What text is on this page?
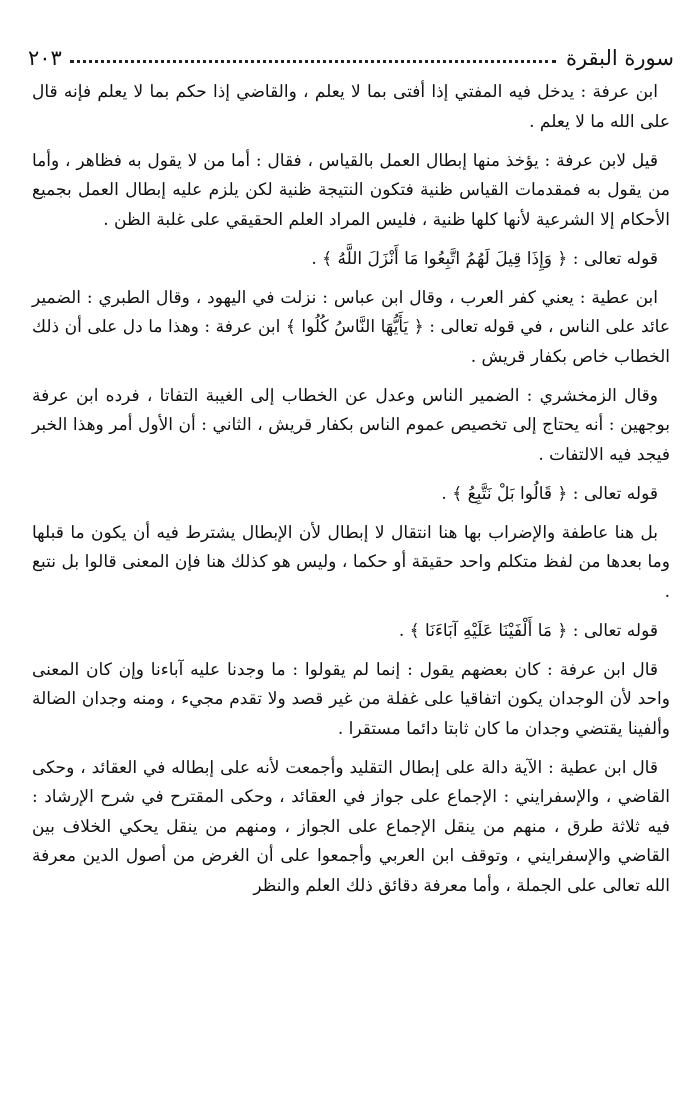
سورة البقرة
٢٠٣

ابن عرفة : يدخل فيه المفتي إذا أفتى بما لا يعلم ، والقاضي إذا حكم بما لا يعلم فإنه قال على الله ما لا يعلم .

قيل لابن عرفة : يؤخذ منها إبطال العمل بالقياس ، فقال : أما من لا يقول به فظاهر ، وأما من يقول به فمقدمات القياس ظنية فتكون النتيجة ظنية لكن يلزم عليه إبطال العمل بجميع الأحكام إلا الشرعية لأنها كلها ظنية ، فليس المراد العلم الحقيقي على غلبة الظن .

قوله تعالى : ﴿ وَإِذَا قِيلَ لَهُمُ اتَّبِعُوا مَا أَنْزَلَ اللَّهُ ﴾ .

ابن عطية : يعني كفر العرب ، وقال ابن عباس : نزلت في اليهود ، وقال الطبري : الضمير عائد على الناس ، في قوله تعالى : ﴿ يَأَيُّهَا النَّاسُ كُلُوا ﴾ ابن عرفة : وهذا ما دل على أن ذلك الخطاب خاص بكفار قريش .

وقال الزمخشري : الضمير الناس وعدل عن الخطاب إلى الغيبة التفاتا ، فرده ابن عرفة بوجهين : أنه يحتاج إلى تخصيص عموم الناس بكفار قريش ، الثاني : أن الأول أمر وهذا الخبر فيجد فيه الالتفات .

قوله تعالى : ﴿ قَالُوا بَلْ نَتَّبِعُ ﴾ .

بل هنا عاطفة والإضراب بها هنا انتقال لا إبطال لأن الإبطال يشترط فيه أن يكون ما قبلها وما بعدها من لفظ متكلم واحد حقيقة أو حكما ، وليس هو كذلك هنا فإن المعنى قالوا بل نتبع .

قوله تعالى : ﴿ مَا أَلْفَيْنَا عَلَيْهِ آبَاءَنَا ﴾ .

قال ابن عرفة : كان بعضهم يقول : إنما لم يقولوا : ما وجدنا عليه آباءنا وإن كان المعنى واحد لأن الوجدان يكون اتفاقيا على غفلة من غير قصد ولا تقدم مجيء ، ومنه وجدان الضالة وألفينا يقتضي وجدان ما كان ثابتا دائما مستقرا .

قال ابن عطية : الآية دالة على إبطال التقليد وأجمعت لأنه على إبطاله في العقائد ، وحكى القاضي ، والإسفرايني : الإجماع على جواز في العقائد ، وحكى المقترح في شرح الإرشاد : فيه ثلاثة طرق ، منهم من ينقل الإجماع على الجواز ، ومنهم من ينقل يحكي الخلاف بين القاضي والإسفرايني ، وتوقف ابن العربي وأجمعوا على أن الغرض من أصول الدين معرفة الله تعالى على الجملة ، وأما معرفة دقائق ذلك العلم والنظر
